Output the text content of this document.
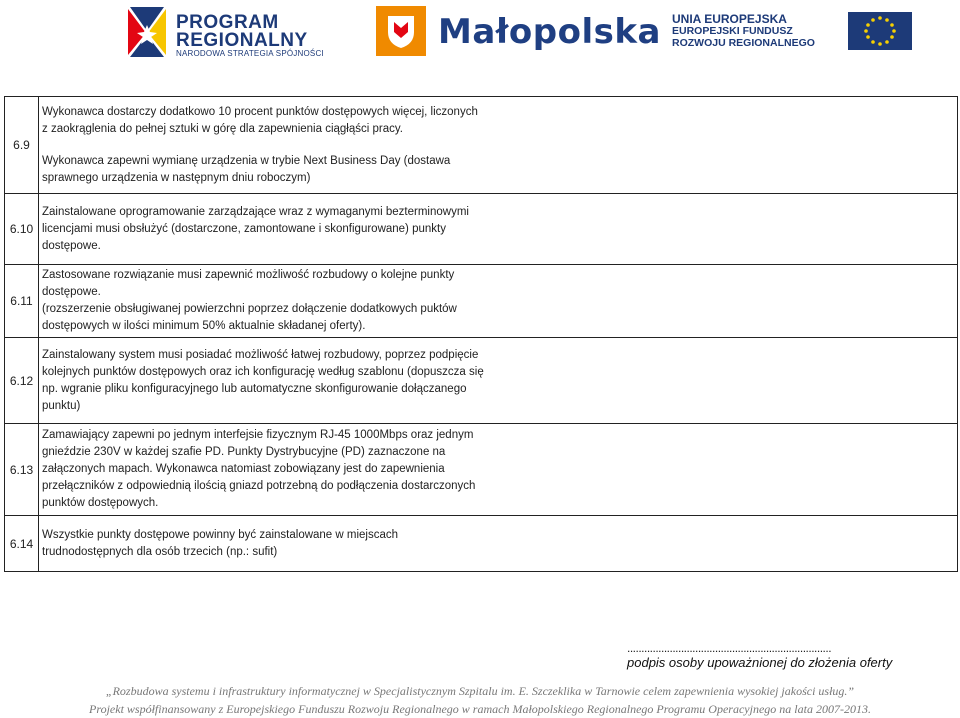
PROGRAM
REGIONALNY
NARODOWA STRATEGIA SPÓJNOŚCI
Małopolska UNIA EUROPEJSKA
EUROPEJSKI FUNDUSZ
ROZWOJU REGIONALNEGO
6.9	Wykonawca dostarczy dodatkowo 10 procent punktów dostępowych więcej, liczonych
z zaokrąglenia do pełnej sztuki w górę dla zapewnienia ciągłąści pracy.

Wykonawca zapewni wymianę urządzenia w trybie Next Business Day (dostawa
sprawnego urządzenia w następnym dniu roboczym)

6.10	Zainstalowane oprogramowanie zarządzające wraz z wymaganymi bezterminowymi
licencjami musi obsłużyć (dostarczone, zamontowane i skonfigurowane) punkty
dostępowe.

6.11	Zastosowane rozwiązanie musi zapewnić możliwość rozbudowy o kolejne punkty
dostępowe.
(rozszerzenie obsługiwanej powierzchni poprzez dołączenie dodatkowych puktów
dostępowych w ilości minimum 50% aktualnie składanej oferty).

6.12	Zainstalowany system musi posiadać możliwość łatwej rozbudowy, poprzez podpięcie
kolejnych punktów dostępowych oraz ich konfigurację według szablonu (dopuszcza się
np. wgranie pliku konfiguracyjnego lub automatyczne skonfigurowanie dołączanego
punktu)

6.13	Zamawiający zapewni po jednym interfejsie fizycznym RJ-45 1000Mbps oraz jednym
gnieździe 230V w każdej szafie PD. Punkty Dystrybucyjne (PD) zaznaczone na
załączonych mapach. Wykonawca natomiast zobowiązany jest do zapewnienia
przełączników z odpowiednią ilością gniazd potrzebną do podłączenia dostarczonych
punktów dostępowych.

6.14	Wszystkie punkty dostępowe powinny być zainstalowane w miejscach
trudnodostępnych dla osób trzecich (np.: sufit)

........................................................................
podpis osoby upoważnionej do złożenia oferty
„Rozbudowa systemu i infrastruktury informatycznej w Specjalistycznym Szpitalu im. E. Szczeklika w Tarnowie celem zapewnienia wysokiej jakości usług.”
Projekt współfinansowany z Europejskiego Funduszu Rozwoju Regionalnego w ramach Małopolskiego Regionalnego Programu Operacyjnego na lata 2007-2013.
